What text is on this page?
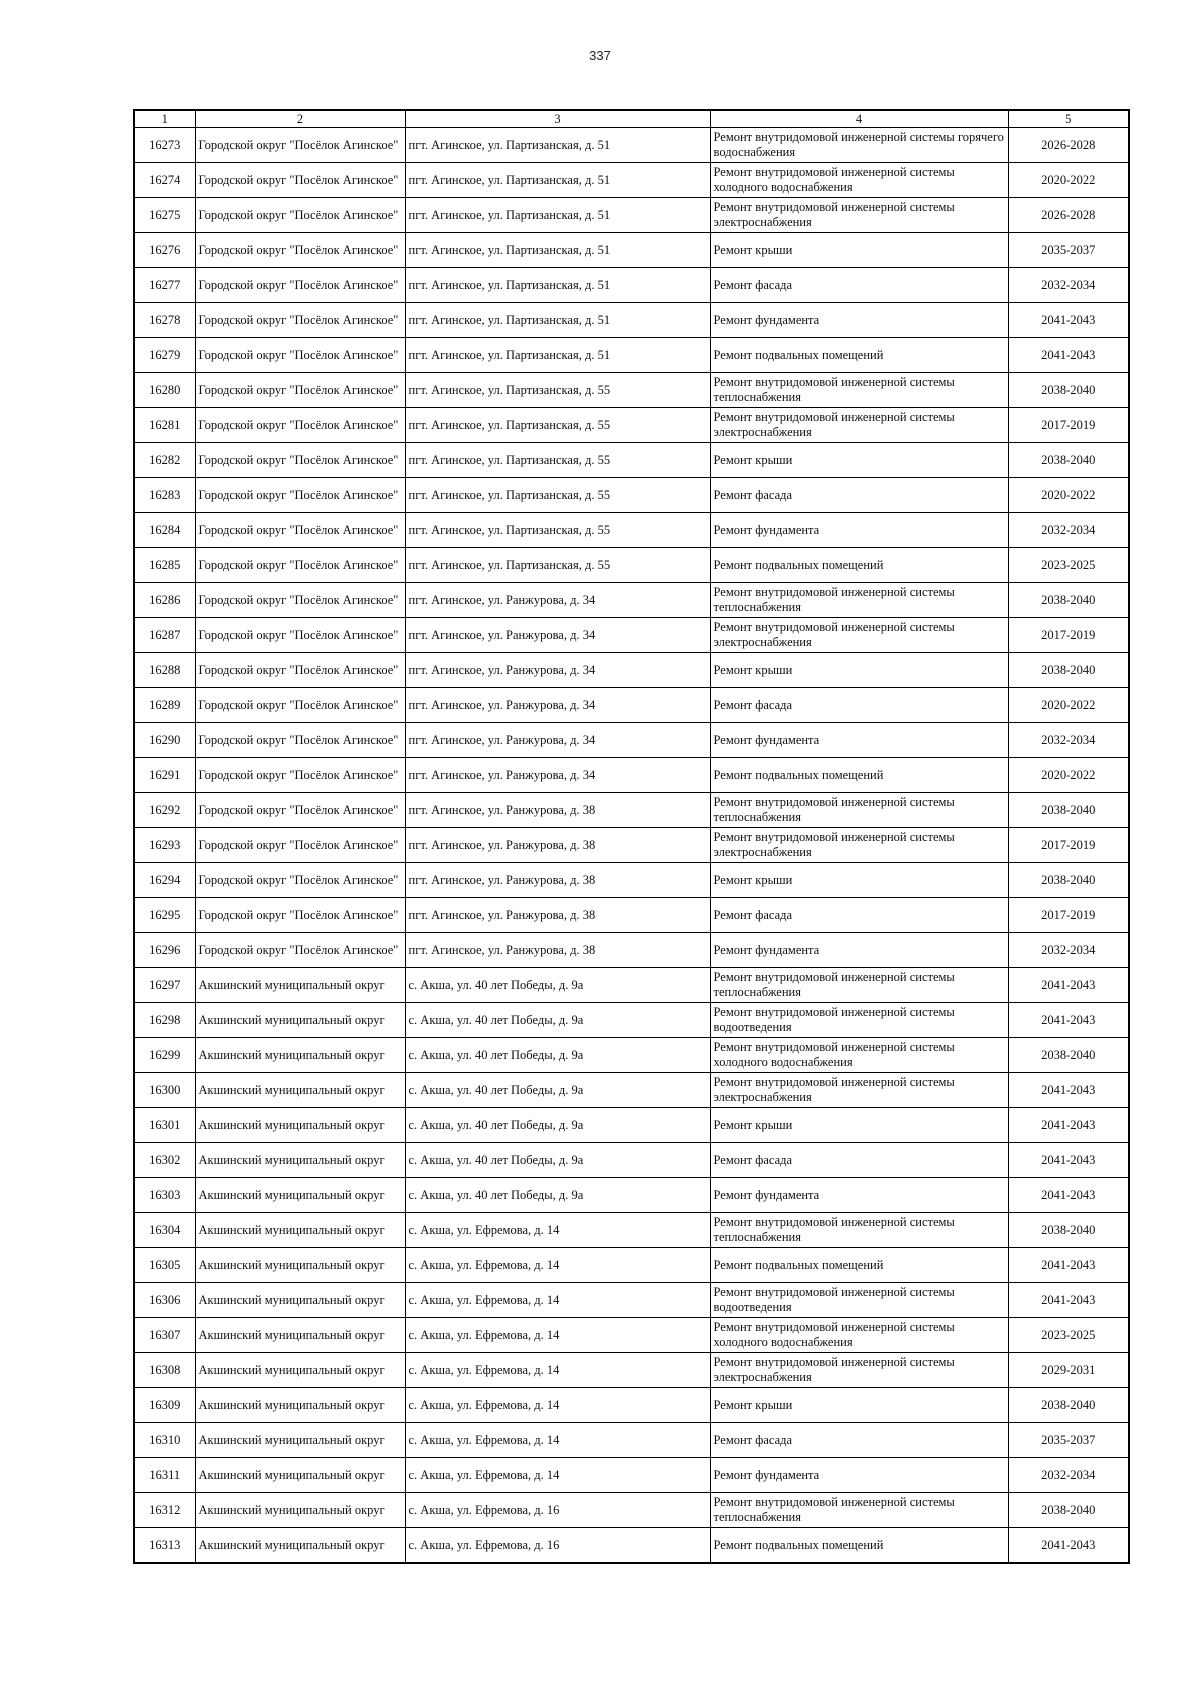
337
1	2	3	4	5
16273	Городской округ "Посёлок Агинское"	пгт. Агинское, ул. Партизанская, д. 51	Ремонт внутридомовой инженерной системы горячего водоснабжения	2026-2028
16274	Городской округ "Посёлок Агинское"	пгт. Агинское, ул. Партизанская, д. 51	Ремонт внутридомовой инженерной системы холодного водоснабжения	2020-2022
16275	Городской округ "Посёлок Агинское"	пгт. Агинское, ул. Партизанская, д. 51	Ремонт внутридомовой инженерной системы электроснабжения	2026-2028
16276	Городской округ "Посёлок Агинское"	пгт. Агинское, ул. Партизанская, д. 51	Ремонт крыши	2035-2037
16277	Городской округ "Посёлок Агинское"	пгт. Агинское, ул. Партизанская, д. 51	Ремонт фасада	2032-2034
16278	Городской округ "Посёлок Агинское"	пгт. Агинское, ул. Партизанская, д. 51	Ремонт фундамента	2041-2043
16279	Городской округ "Посёлок Агинское"	пгт. Агинское, ул. Партизанская, д. 51	Ремонт подвальных помещений	2041-2043
16280	Городской округ "Посёлок Агинское"	пгт. Агинское, ул. Партизанская, д. 55	Ремонт внутридомовой инженерной системы теплоснабжения	2038-2040
16281	Городской округ "Посёлок Агинское"	пгт. Агинское, ул. Партизанская, д. 55	Ремонт внутридомовой инженерной системы электроснабжения	2017-2019
16282	Городской округ "Посёлок Агинское"	пгт. Агинское, ул. Партизанская, д. 55	Ремонт крыши	2038-2040
16283	Городской округ "Посёлок Агинское"	пгт. Агинское, ул. Партизанская, д. 55	Ремонт фасада	2020-2022
16284	Городской округ "Посёлок Агинское"	пгт. Агинское, ул. Партизанская, д. 55	Ремонт фундамента	2032-2034
16285	Городской округ "Посёлок Агинское"	пгт. Агинское, ул. Партизанская, д. 55	Ремонт подвальных помещений	2023-2025
16286	Городской округ "Посёлок Агинское"	пгт. Агинское, ул. Ранжурова, д. 34	Ремонт внутридомовой инженерной системы теплоснабжения	2038-2040
16287	Городской округ "Посёлок Агинское"	пгт. Агинское, ул. Ранжурова, д. 34	Ремонт внутридомовой инженерной системы электроснабжения	2017-2019
16288	Городской округ "Посёлок Агинское"	пгт. Агинское, ул. Ранжурова, д. 34	Ремонт крыши	2038-2040
16289	Городской округ "Посёлок Агинское"	пгт. Агинское, ул. Ранжурова, д. 34	Ремонт фасада	2020-2022
16290	Городской округ "Посёлок Агинское"	пгт. Агинское, ул. Ранжурова, д. 34	Ремонт фундамента	2032-2034
16291	Городской округ "Посёлок Агинское"	пгт. Агинское, ул. Ранжурова, д. 34	Ремонт подвальных помещений	2020-2022
16292	Городской округ "Посёлок Агинское"	пгт. Агинское, ул. Ранжурова, д. 38	Ремонт внутридомовой инженерной системы теплоснабжения	2038-2040
16293	Городской округ "Посёлок Агинское"	пгт. Агинское, ул. Ранжурова, д. 38	Ремонт внутридомовой инженерной системы электроснабжения	2017-2019
16294	Городской округ "Посёлок Агинское"	пгт. Агинское, ул. Ранжурова, д. 38	Ремонт крыши	2038-2040
16295	Городской округ "Посёлок Агинское"	пгт. Агинское, ул. Ранжурова, д. 38	Ремонт фасада	2017-2019
16296	Городской округ "Посёлок Агинское"	пгт. Агинское, ул. Ранжурова, д. 38	Ремонт фундамента	2032-2034
16297	Акшинский муниципальный округ	с. Акша, ул. 40 лет Победы, д. 9а	Ремонт внутридомовой инженерной системы теплоснабжения	2041-2043
16298	Акшинский муниципальный округ	с. Акша, ул. 40 лет Победы, д. 9а	Ремонт внутридомовой инженерной системы водоотведения	2041-2043
16299	Акшинский муниципальный округ	с. Акша, ул. 40 лет Победы, д. 9а	Ремонт внутридомовой инженерной системы холодного водоснабжения	2038-2040
16300	Акшинский муниципальный округ	с. Акша, ул. 40 лет Победы, д. 9а	Ремонт внутридомовой инженерной системы электроснабжения	2041-2043
16301	Акшинский муниципальный округ	с. Акша, ул. 40 лет Победы, д. 9а	Ремонт крыши	2041-2043
16302	Акшинский муниципальный округ	с. Акша, ул. 40 лет Победы, д. 9а	Ремонт фасада	2041-2043
16303	Акшинский муниципальный округ	с. Акша, ул. 40 лет Победы, д. 9а	Ремонт фундамента	2041-2043
16304	Акшинский муниципальный округ	с. Акша, ул. Ефремова, д. 14	Ремонт внутридомовой инженерной системы теплоснабжения	2038-2040
16305	Акшинский муниципальный округ	с. Акша, ул. Ефремова, д. 14	Ремонт подвальных помещений	2041-2043
16306	Акшинский муниципальный округ	с. Акша, ул. Ефремова, д. 14	Ремонт внутридомовой инженерной системы водоотведения	2041-2043
16307	Акшинский муниципальный округ	с. Акша, ул. Ефремова, д. 14	Ремонт внутридомовой инженерной системы холодного водоснабжения	2023-2025
16308	Акшинский муниципальный округ	с. Акша, ул. Ефремова, д. 14	Ремонт внутридомовой инженерной системы электроснабжения	2029-2031
16309	Акшинский муниципальный округ	с. Акша, ул. Ефремова, д. 14	Ремонт крыши	2038-2040
16310	Акшинский муниципальный округ	с. Акша, ул. Ефремова, д. 14	Ремонт фасада	2035-2037
16311	Акшинский муниципальный округ	с. Акша, ул. Ефремова, д. 14	Ремонт фундамента	2032-2034
16312	Акшинский муниципальный округ	с. Акша, ул. Ефремова, д. 16	Ремонт внутридомовой инженерной системы теплоснабжения	2038-2040
16313	Акшинский муниципальный округ	с. Акша, ул. Ефремова, д. 16	Ремонт подвальных помещений	2041-2043
